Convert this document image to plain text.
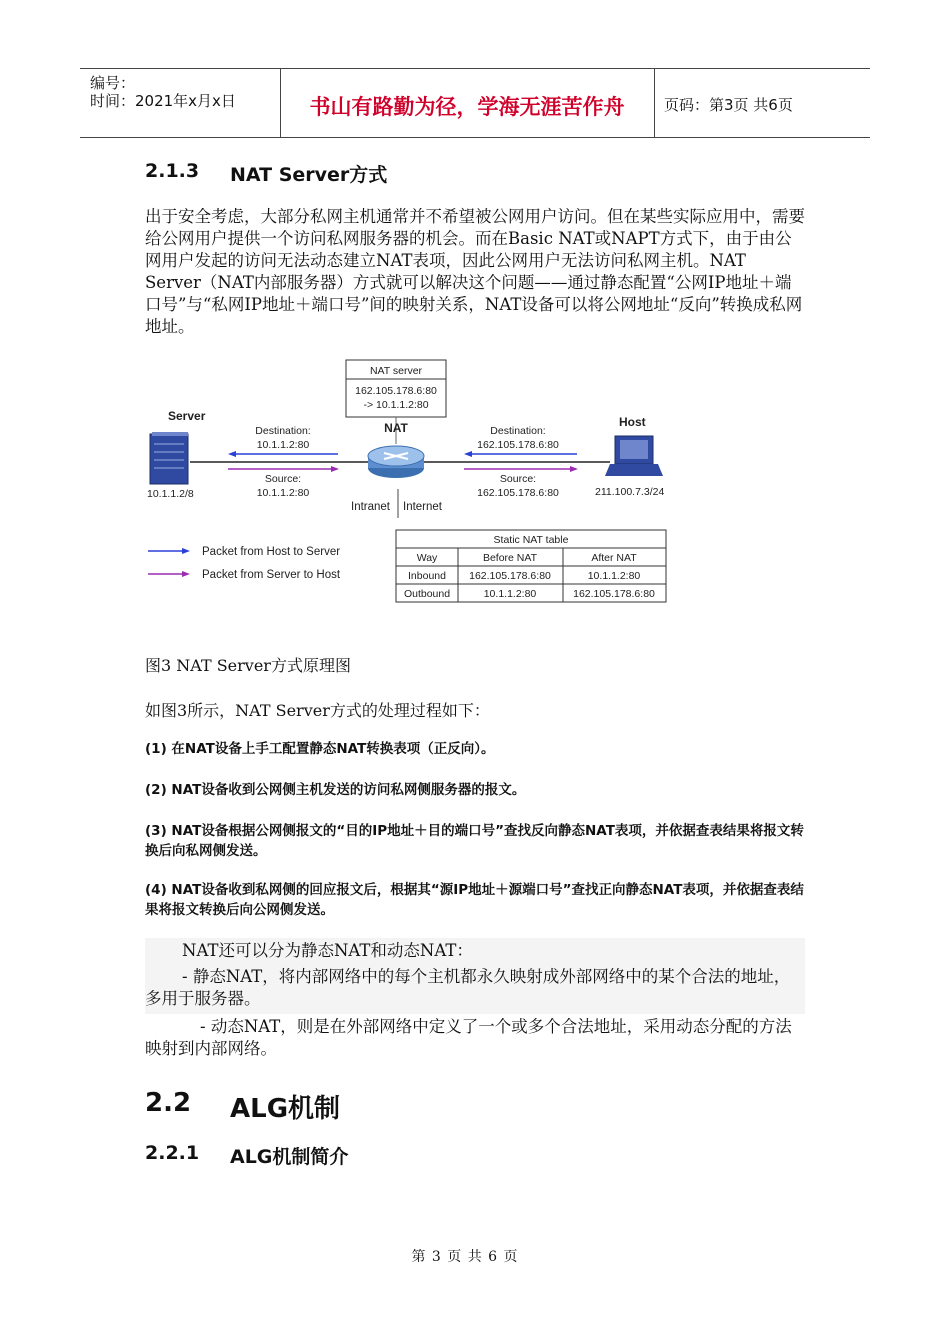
编号：
时间：2021年x月x日	书山有路勤为径，学海无涯苦作舟	页码：第3页 共6页
2.1.3 NAT Server方式
出于安全考虑，大部分私网主机通常并不希望被公网用户访问。但在某些实际应用中，需要给公网用户提供一个访问私网服务器的机会。而在Basic NAT或NAPT方式下，由于由公网用户发起的访问无法动态建立NAT表项，因此公网用户无法访问私网主机。NAT Server（NAT内部服务器）方式就可以解决这个问题——通过静态配置“公网IP地址＋端口号”与“私网IP地址＋端口号”间的映射关系，NAT设备可以将公网地址“反向”转换成私网地址。
NAT server
162.105.178.6:80
-> 10.1.1.2:80
Server
10.1.1.2/8
Destination:
10.1.1.2:80
Source:
10.1.1.2:80
NAT
Intranet Internet
Destination:
162.105.178.6:80
Source:
162.105.178.6:80
Host
211.100.7.3/24
Packet from Host to Server
Packet from Server to Host
Static NAT table
Way	Before NAT	After NAT
Inbound 162.105.178.6:80	10.1.1.2:80
Outbound	10.1.1.2:80	162.105.178.6:80
图3 NAT Server方式原理图
如图3所示，NAT Server方式的处理过程如下：
(1) 在NAT设备上手工配置静态NAT转换表项（正反向）。
(2) NAT设备收到公网侧主机发送的访问私网侧服务器的报文。
(3) NAT设备根据公网侧报文的“目的IP地址＋目的端口号”查找反向静态NAT表项，并依据查表结果将报文转换后向私网侧发送。
(4) NAT设备收到私网侧的回应报文后，根据其“源IP地址＋源端口号”查找正向静态NAT表项，并依据查表结果将报文转换后向公网侧发送。
NAT还可以分为静态NAT和动态NAT：
- 静态NAT，将内部网络中的每个主机都永久映射成外部网络中的某个合法的地址，多用于服务器。
- 动态NAT，则是在外部网络中定义了一个或多个合法地址，采用动态分配的方法映射到内部网络。
2.2 ALG机制
2.2.1 ALG机制简介
第 3 页 共 6 页
